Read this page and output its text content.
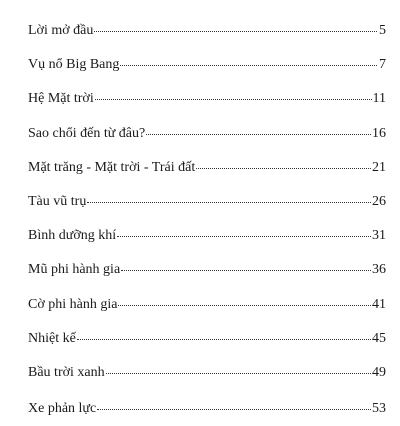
Lời mở đầu	5
Vụ nổ Big Bang	7
Hệ Mặt trời	11
Sao chổi đến từ đâu?	16
Mặt trăng - Mặt trời - Trái đất	21
Tàu vũ trụ	26
Bình dưỡng khí	31
Mũ phi hành gia	36
Cờ phi hành gia	41
Nhiệt kế	45
Bầu trời xanh	49
Xe phản lực	53
